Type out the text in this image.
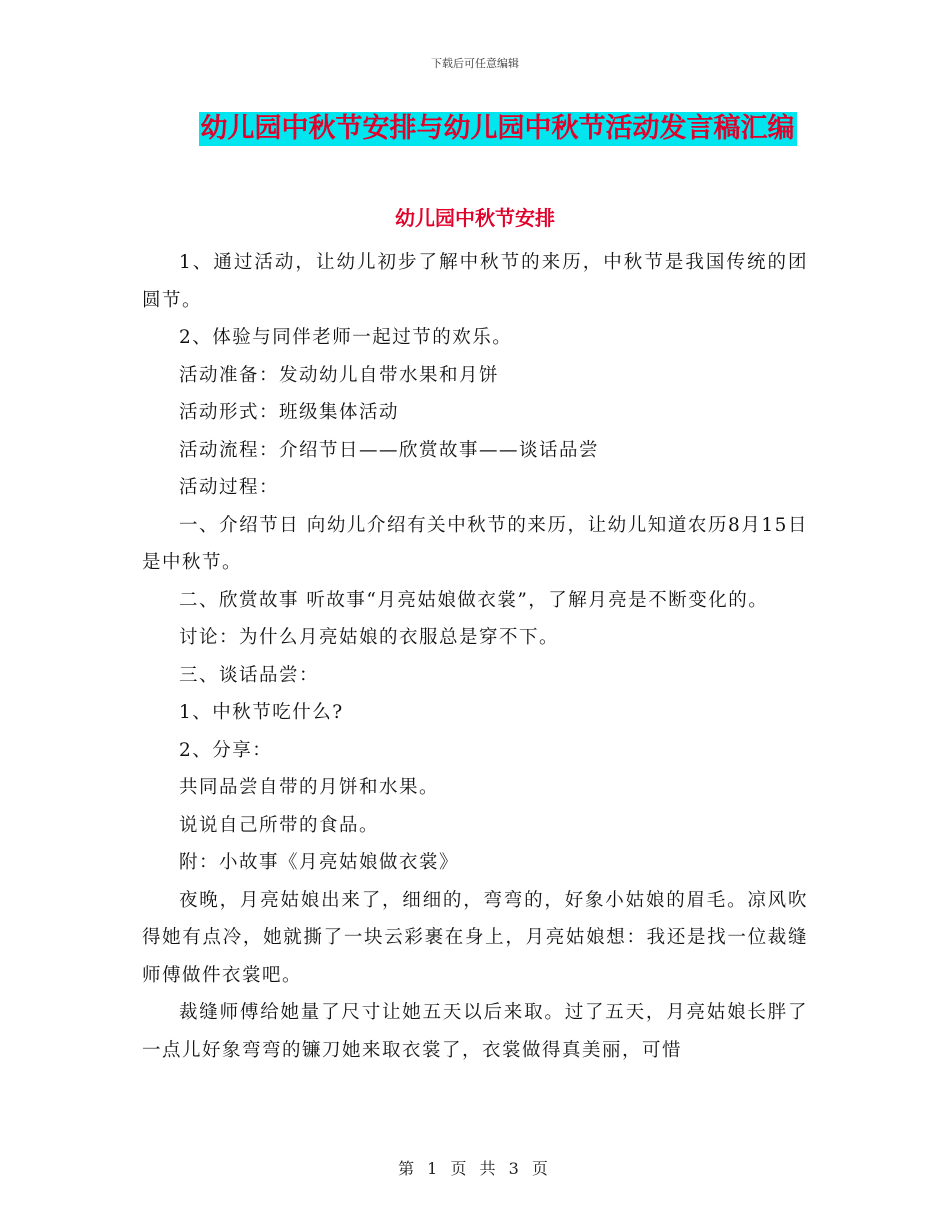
下载后可任意编辑
幼儿园中秋节安排与幼儿园中秋节活动发言稿汇编
幼儿园中秋节安排

1、通过活动，让幼儿初步了解中秋节的来历，中秋节是我国传统的团圆节。

2、体验与同伴老师一起过节的欢乐。

活动准备：发动幼儿自带水果和月饼

活动形式：班级集体活动

活动流程：介绍节日——欣赏故事——谈话品尝

活动过程：

一、介绍节日 向幼儿介绍有关中秋节的来历，让幼儿知道农历8月15日是中秋节。

二、欣赏故事 听故事“月亮姑娘做衣裳”，了解月亮是不断变化的。

讨论：为什么月亮姑娘的衣服总是穿不下。

三、谈话品尝：

1、中秋节吃什么?

2、分享：

共同品尝自带的月饼和水果。

说说自己所带的食品。

附：小故事《月亮姑娘做衣裳》

夜晚，月亮姑娘出来了，细细的，弯弯的，好象小姑娘的眉毛。凉风吹得她有点冷，她就撕了一块云彩裹在身上，月亮姑娘想：我还是找一位裁缝师傅做件衣裳吧。

裁缝师傅给她量了尺寸让她五天以后来取。过了五天，月亮姑娘长胖了一点儿好象弯弯的镰刀她来取衣裳了，衣裳做得真美丽，可惜

第 1 页 共 3 页
